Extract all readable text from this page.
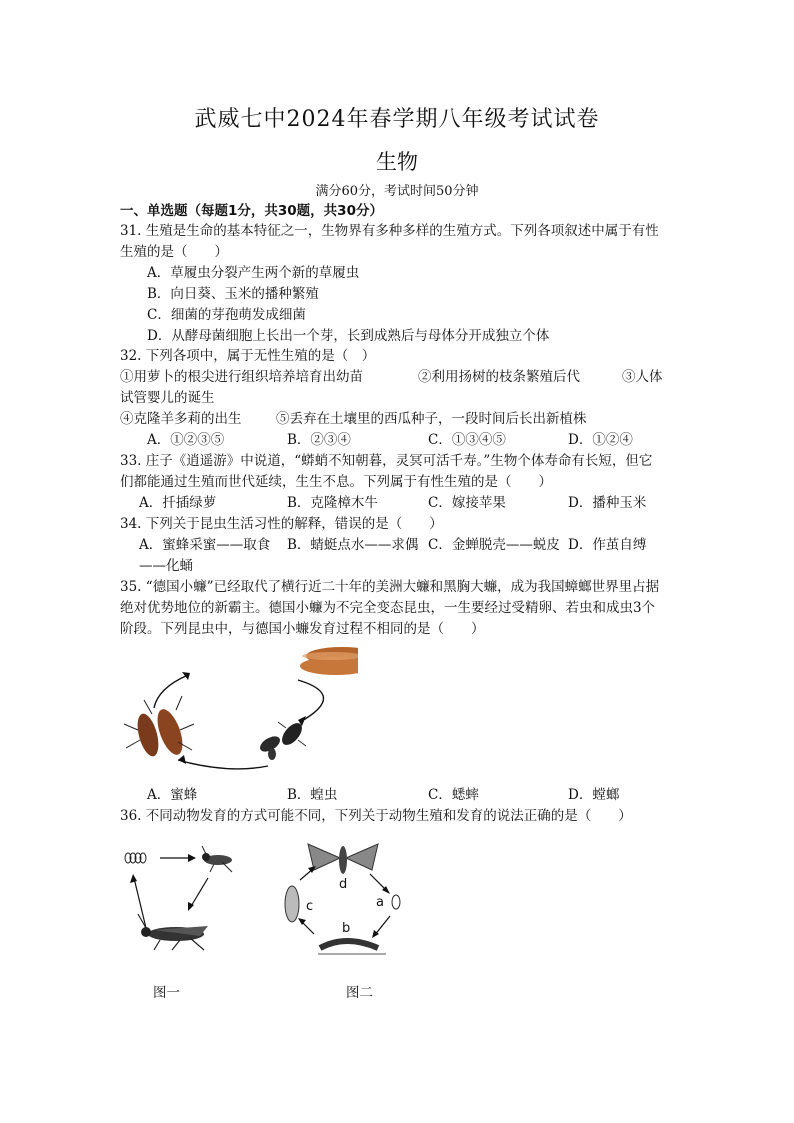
武威七中2024年春学期八年级考试试卷
生物
满分60分，考试时间50分钟
一、单选题（每题1分，共30题，共30分）
31. 生殖是生命的基本特征之一，生物界有多种多样的生殖方式。下列各项叙述中属于有性
生殖的是（　　）
A．草履虫分裂产生两个新的草履虫
B．向日葵、玉米的播种繁殖
C．细菌的芽孢萌发成细菌
D．从酵母菌细胞上长出一个芽，长到成熟后与母体分开成独立个体
32. 下列各项中，属于无性生殖的是（　）
①用萝卜的根尖进行组织培养培育出幼苗	②利用扬树的枝条繁殖后代	③人体
试管婴儿的诞生
④克隆羊多莉的出生	⑤丢弃在土壤里的西瓜种子，一段时间后长出新植株
A．①②③⑤	B．②③④	C．①③④⑤	D．①②④
33. 庄子《逍遥游》中说道，“蟒蛸不知朝暮，灵冥可活千寿。”生物个体寿命有长短，但它
们都能通过生殖而世代延续，生生不息。下列属于有性生殖的是（　　）
A．扦插绿萝	B．克隆樟木牛	C．嫁接苹果	D．播种玉米
34. 下列关于昆虫生活习性的解释，错误的是（　　）
A．蜜蜂采蜜——取食 B．蜻蜓点水——求偶 C．金蝉脱壳——蜕皮 D．作茧自缚
——化蛹
35. “德国小蠊”已经取代了横行近二十年的美洲大蠊和黑胸大蠊，成为我国蟑螂世界里占据
绝对优势地位的新霸主。德国小蠊为不完全变态昆虫，一生要经过受精卵、若虫和成虫3个
阶段。下列昆虫中，与德国小蠊发育过程不相同的是（　　）
A．蜜蜂	B．蝗虫	C．蟋蟀	D．螳螂
36. 不同动物发育的方式可能不同，下列关于动物生殖和发育的说法正确的是（　　）
图一
d
a
b
c
图二
